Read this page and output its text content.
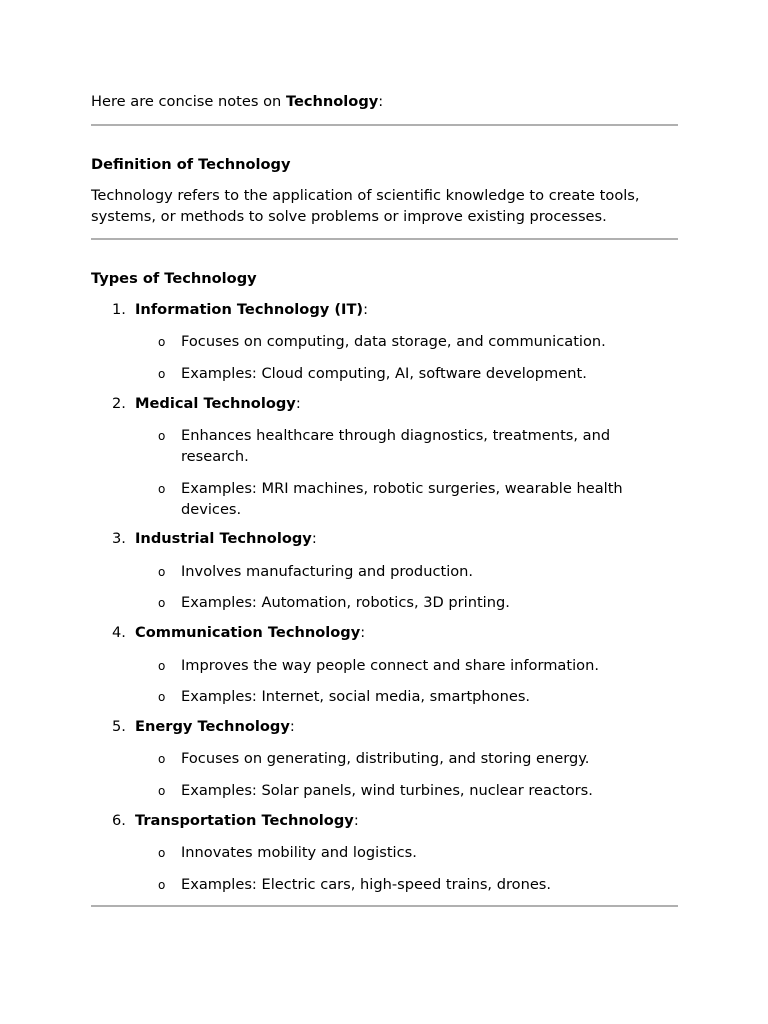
Here are concise notes on Technology:
Definition of Technology
Technology refers to the application of scientific knowledge to create tools, systems, or methods to solve problems or improve existing processes.
Types of Technology
1. Information Technology (IT):
o Focuses on computing, data storage, and communication.
o Examples: Cloud computing, AI, software development.
2. Medical Technology:
o Enhances healthcare through diagnostics, treatments, and research.
o Examples: MRI machines, robotic surgeries, wearable health devices.
3. Industrial Technology:
o Involves manufacturing and production.
o Examples: Automation, robotics, 3D printing.
4. Communication Technology:
o Improves the way people connect and share information.
o Examples: Internet, social media, smartphones.
5. Energy Technology:
o Focuses on generating, distributing, and storing energy.
o Examples: Solar panels, wind turbines, nuclear reactors.
6. Transportation Technology:
o Innovates mobility and logistics.
o Examples: Electric cars, high-speed trains, drones.
